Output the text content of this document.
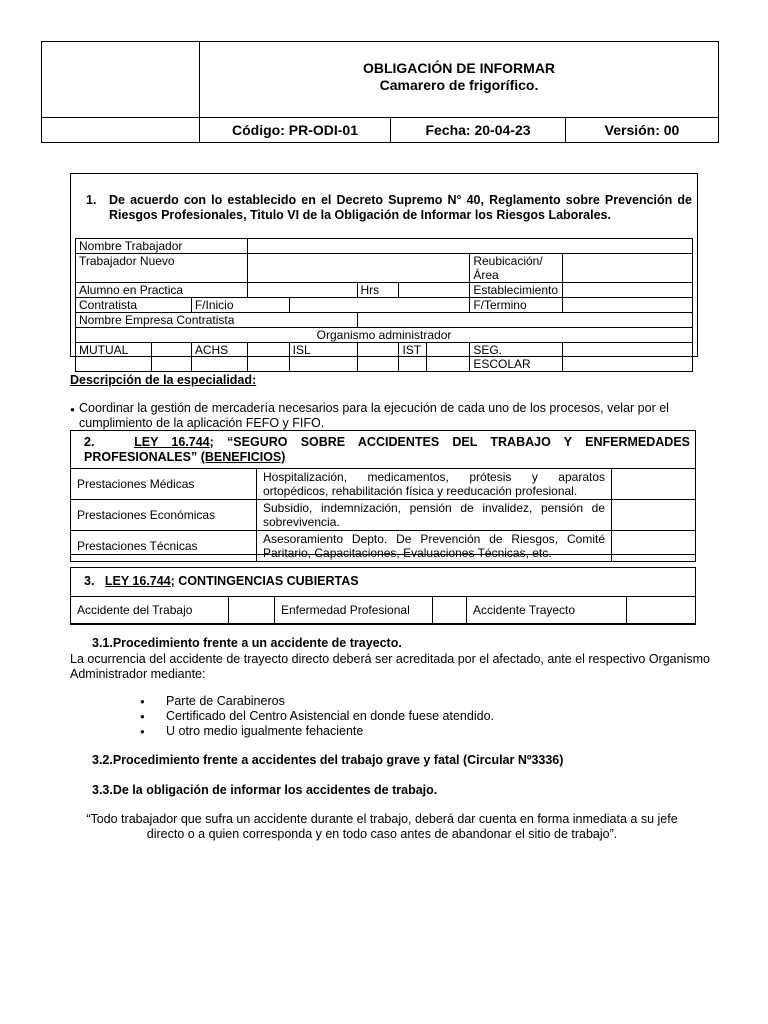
	OBLIGACIÓN DE INFORMAR
Camarero de frigorífico.		

	Código: PR-ODI-01	Fecha: 20-04-23	Versión: 00
1.	De acuerdo con lo establecido en el Decreto Supremo N° 40, Reglamento sobre Prevención de Riesgos Profesionales, Titulo VI de la Obligación de Informar los Riesgos Laborales.
Nombre Trabajador									
Trabajador Nuevo								Reubicación/Área	
Alumno en Practica					Hrs			Establecimiento	
Contratista		F/Inicio						F/Termino	
Nombre Empresa Contratista									
Organismo administrador									
MUTUAL		ACHS		ISL		IST		SEG. ESCOLAR	
Descripción de la especialidad:
● Coordinar la gestión de mercadería necesarios para la ejecución de cada uno de los procesos, velar por el cumplimiento de la aplicación FEFO y FIFO.
2.	LEY 16.744; “SEGURO SOBRE ACCIDENTES DEL TRABAJO Y ENFERMEDADES PROFESIONALES” (BENEFICIOS)
Prestaciones Médicas	Hospitalización, medicamentos, prótesis y aparatos ortopédicos, rehabilitación física y reeducación profesional.	
Prestaciones Económicas	Subsidio, indemnización, pensión de invalidez, pensión de sobrevivencia.	
Prestaciones Técnicas	Asesoramiento Depto. De Prevención de Riesgos, Comité Paritario, Capacitaciones, Evaluaciones Técnicas, etc.	
3. LEY 16.744; CONTINGENCIAS CUBIERTAS
Accidente del Trabajo		Enfermedad Profesional		Accidente Trayecto	
3.1.Procedimiento frente a un accidente de trayecto.
La ocurrencia del accidente de trayecto directo deberá ser acreditada por el afectado, ante el respectivo Organismo Administrador mediante:
● Parte de Carabineros
● Certificado del Centro Asistencial en donde fuese atendido.
● U otro medio igualmente fehaciente
3.2.Procedimiento frente a accidentes del trabajo grave y fatal (Circular Nº3336)
3.3.De la obligación de informar los accidentes de trabajo.
“Todo trabajador que sufra un accidente durante el trabajo, deberá dar cuenta en forma inmediata a su jefe directo o a quien corresponda y en todo caso antes de abandonar el sitio de trabajo”.
